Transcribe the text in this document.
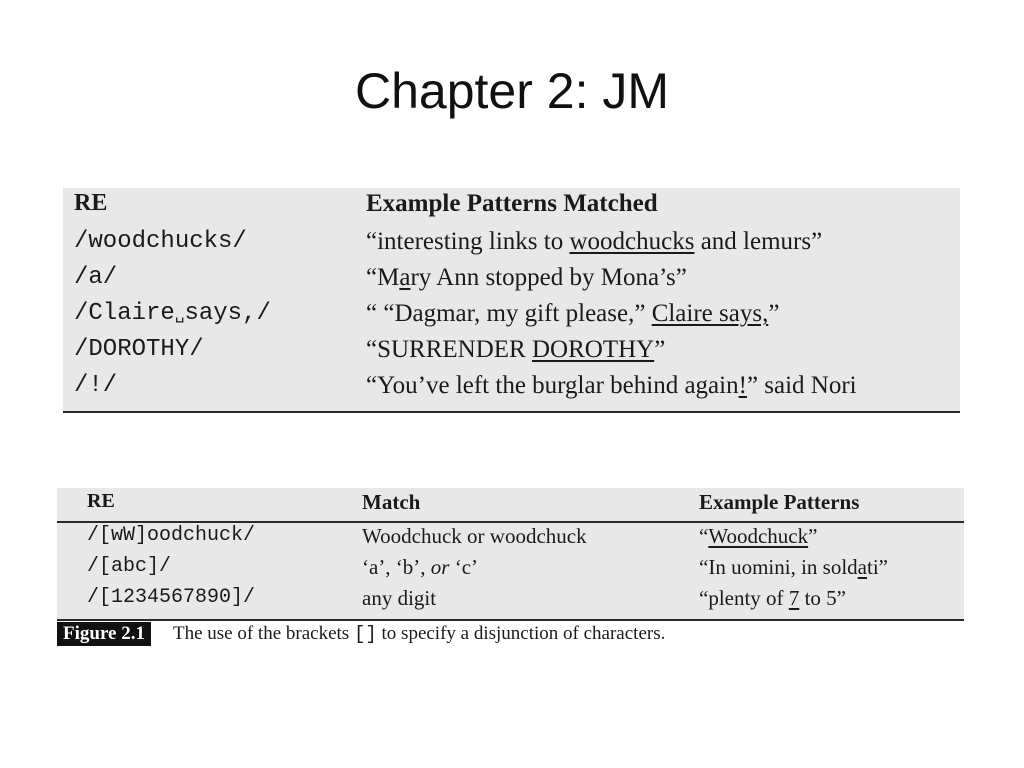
Chapter 2: JM
RE	Example Patterns Matched
/woodchucks/	“interesting links to woodchucks and lemurs”
/a/	“Mary Ann stopped by Mona’s”
/Claire␣says,/	“ “Dagmar, my gift please,” Claire says,”
/DOROTHY/	“SURRENDER DOROTHY”
/!/	“You’ve left the burglar behind again!” said Nori
RE	Match	Example Patterns
/[wW]oodchuck/	Woodchuck or woodchuck	“Woodchuck”
/[abc]/	‘a’, ‘b’, or ‘c’	“In uomini, in soldati”
/[1234567890]/	any digit	“plenty of 7 to 5”
Figure 2.1 The use of the brackets [] to specify a disjunction of characters.
